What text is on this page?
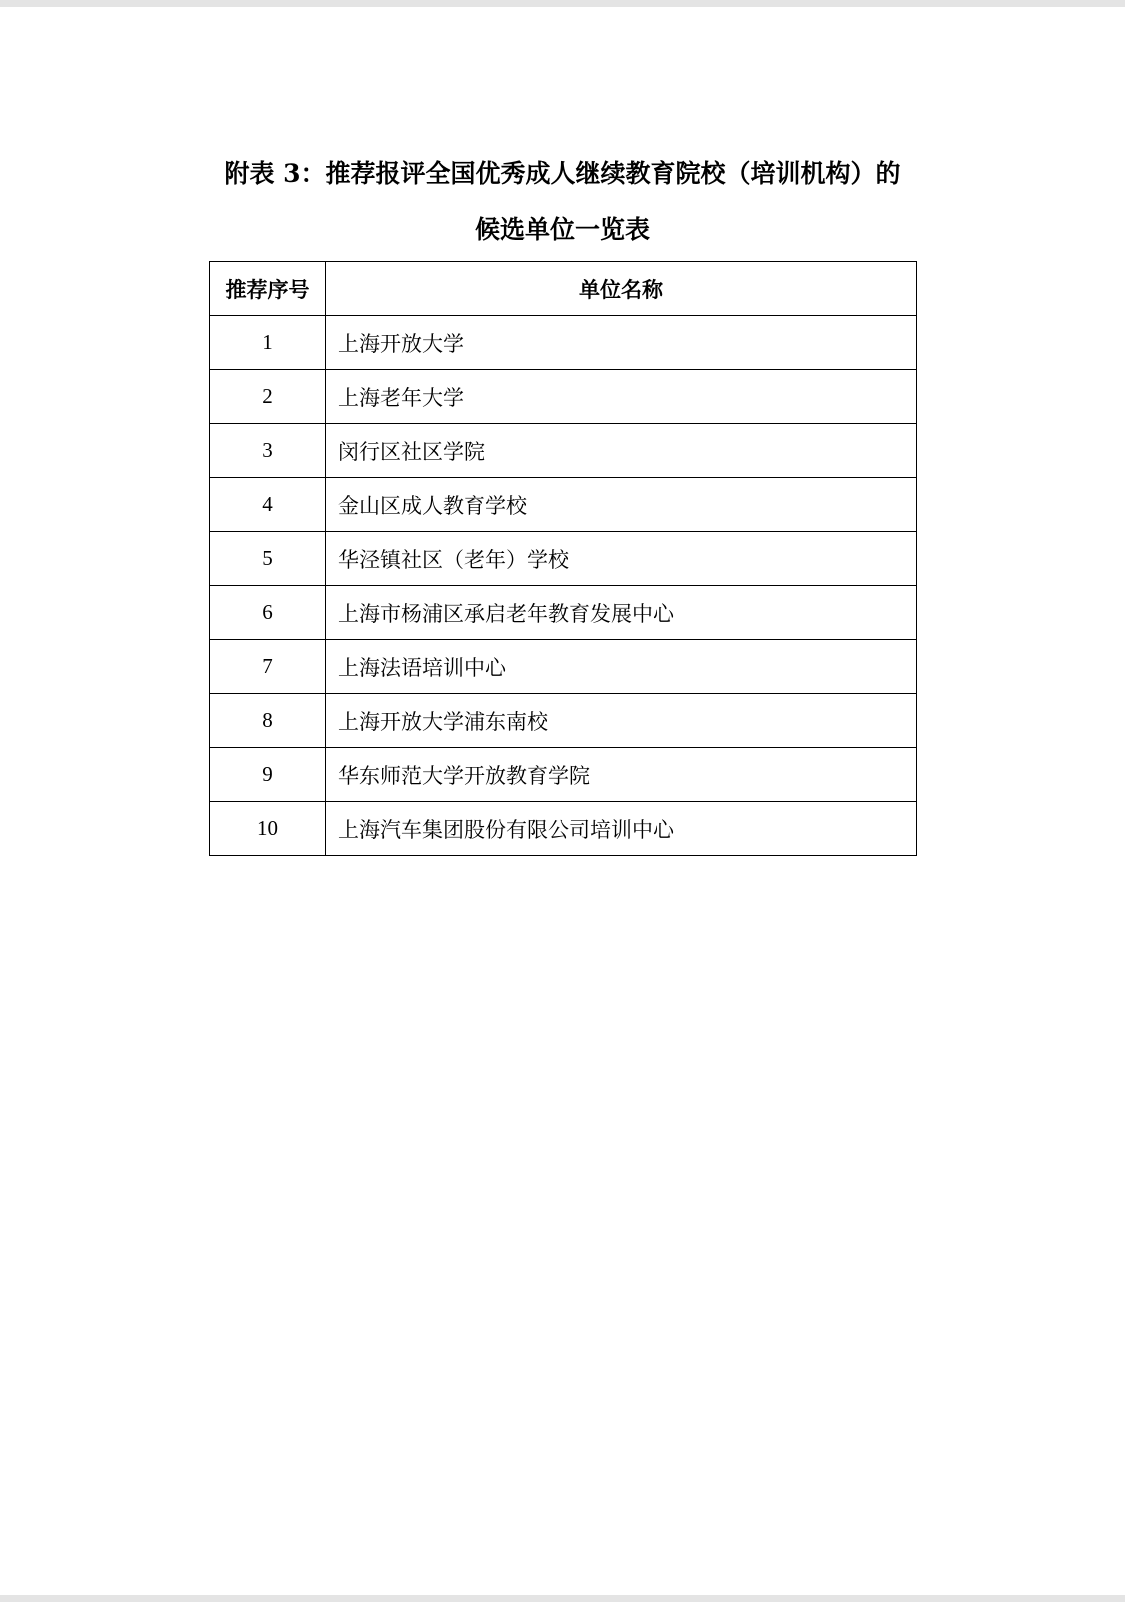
附表 3：推荐报评全国优秀成人继续教育院校（培训机构）的
候选单位一览表
推荐序号	单位名称
1	上海开放大学
2	上海老年大学
3	闵行区社区学院
4	金山区成人教育学校
5	华泾镇社区（老年）学校
6	上海市杨浦区承启老年教育发展中心
7	上海法语培训中心
8	上海开放大学浦东南校
9	华东师范大学开放教育学院
10	上海汽车集团股份有限公司培训中心
